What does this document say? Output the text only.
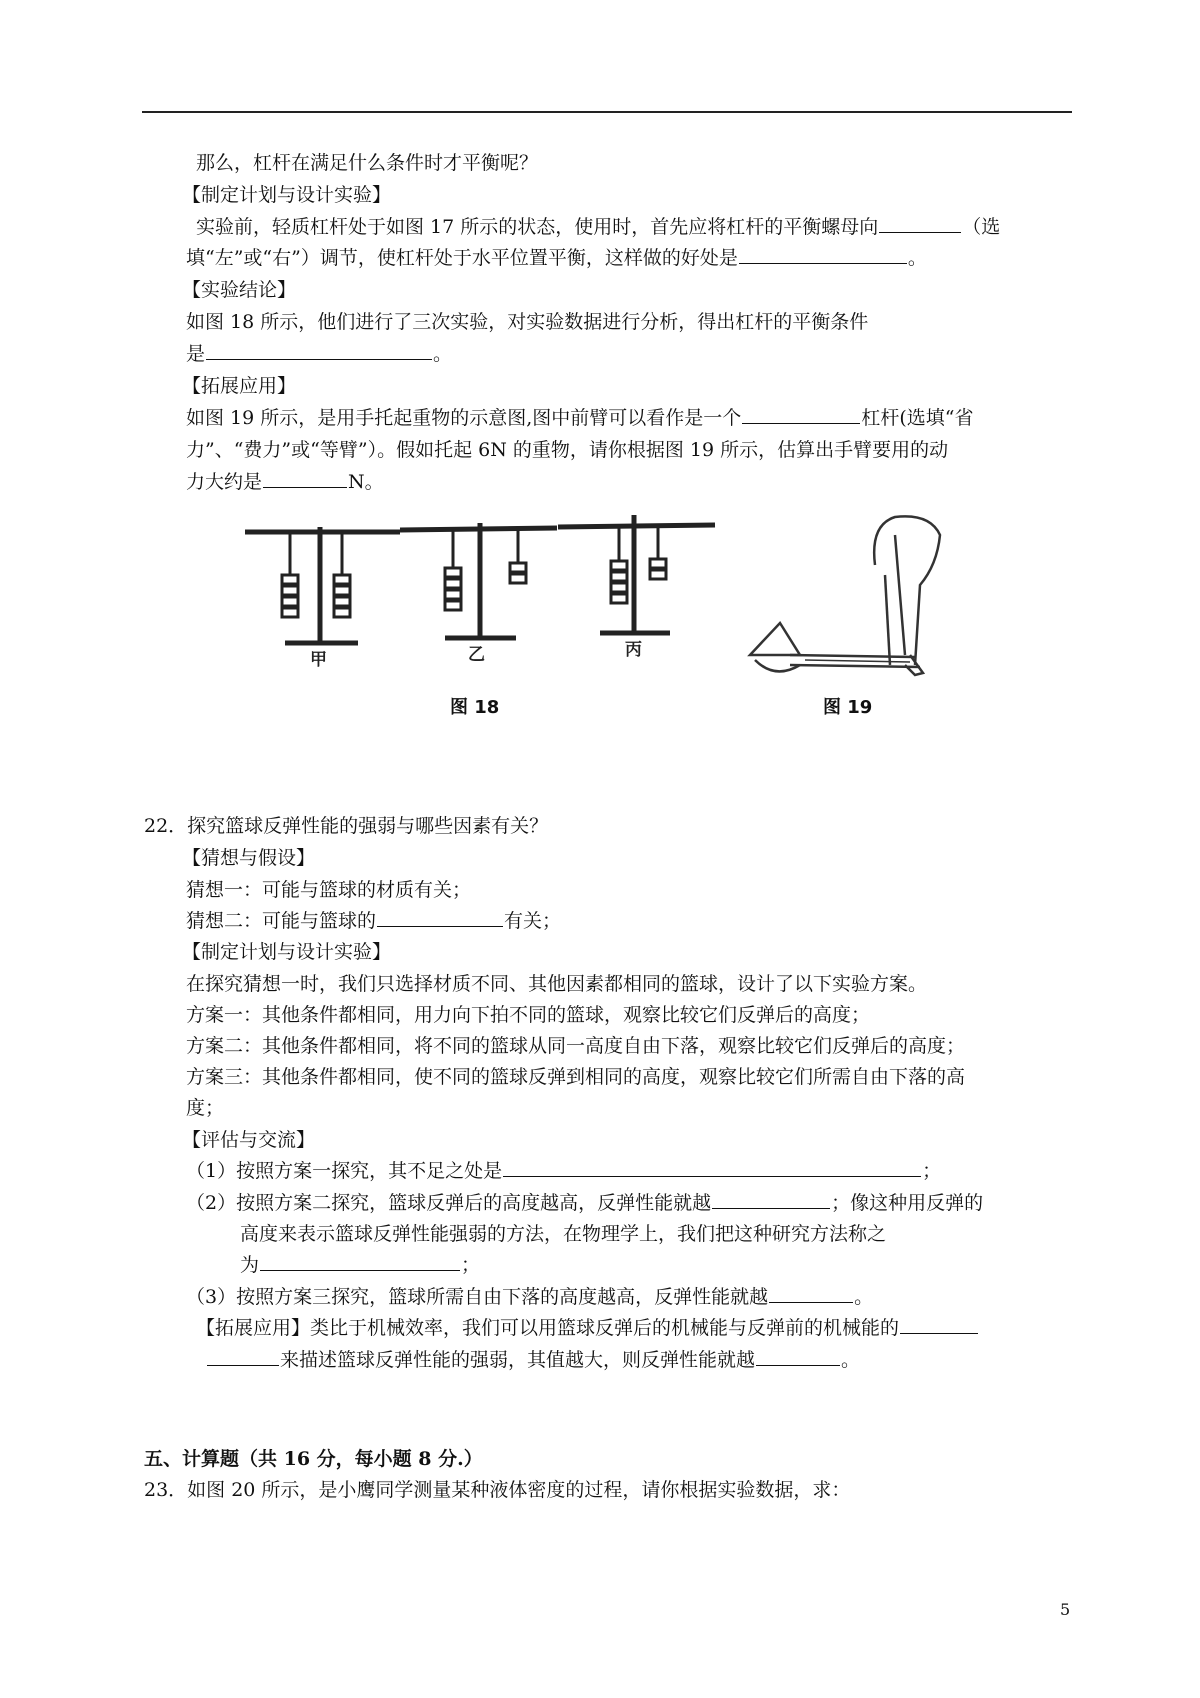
那么，杠杆在满足什么条件时才平衡呢？
【制定计划与设计实验】
实验前，轻质杠杆处于如图 17 所示的状态，使用时，首先应将杠杆的平衡螺母向	（选
填“左”或“右”）调节，使杠杆处于水平位置平衡，这样做的好处是	。
【实验结论】
如图 18 所示，他们进行了三次实验，对实验数据进行分析，得出杠杆的平衡条件
是	。
【拓展应用】
如图 19 所示，是用手托起重物的示意图,图中前臂可以看作是一个	杠杆(选填“省
力”、“费力”或“等臂”）。假如托起 6N 的重物，请你根据图 19 所示，估算出手臂要用的动
力大约是	N。
甲	乙	丙
图 18	图 19
22．探究篮球反弹性能的强弱与哪些因素有关？
【猜想与假设】
猜想一：可能与篮球的材质有关；
猜想二：可能与篮球的	有关；
【制定计划与设计实验】
在探究猜想一时，我们只选择材质不同、其他因素都相同的篮球，设计了以下实验方案。
方案一：其他条件都相同，用力向下拍不同的篮球，观察比较它们反弹后的高度；
方案二：其他条件都相同，将不同的篮球从同一高度自由下落，观察比较它们反弹后的高度；
方案三：其他条件都相同，使不同的篮球反弹到相同的高度，观察比较它们所需自由下落的高
度；
【评估与交流】
（1）按照方案一探究，其不足之处是	；
（2）按照方案二探究，篮球反弹后的高度越高，反弹性能就越	；像这种用反弹的
高度来表示篮球反弹性能强弱的方法，在物理学上，我们把这种研究方法称之
为	；
（3）按照方案三探究，篮球所需自由下落的高度越高，反弹性能就越	。
【拓展应用】类比于机械效率，我们可以用篮球反弹后的机械能与反弹前的机械能的
来描述篮球反弹性能的强弱，其值越大，则反弹性能就越	。
五、计算题（共 16 分，每小题 8 分.）
23．如图 20 所示，是小鹰同学测量某种液体密度的过程，请你根据实验数据，求：
5
